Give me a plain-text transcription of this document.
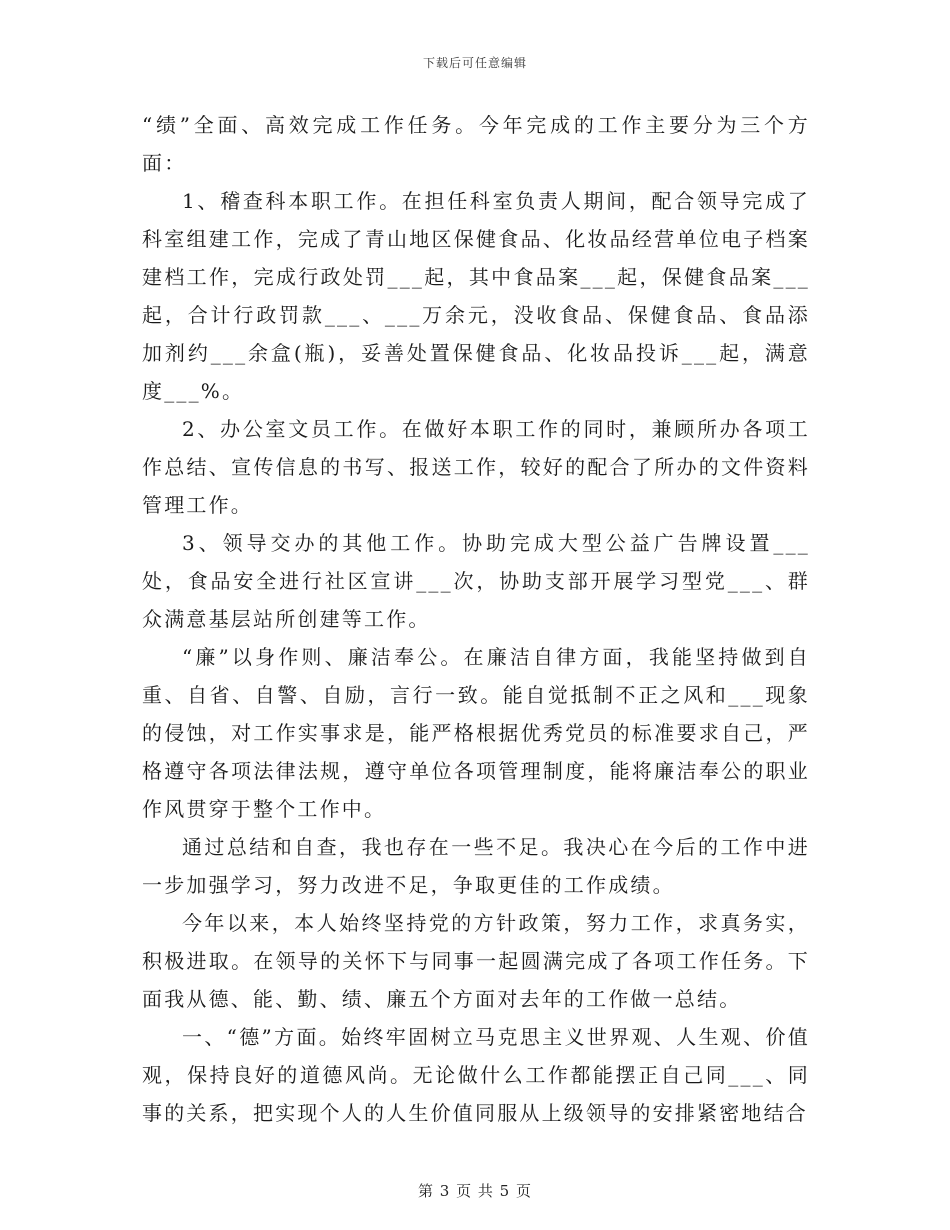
下载后可任意编辑

“绩”全面、高效完成工作任务。今年完成的工作主要分为三个方面：

1、稽查科本职工作。在担任科室负责人期间，配合领导完成了科室组建工作，完成了青山地区保健食品、化妆品经营单位电子档案建档工作，完成行政处罚___起，其中食品案___起，保健食品案___起，合计行政罚款___、___万余元，没收食品、保健食品、食品添加剂约___余盒(瓶)，妥善处置保健食品、化妆品投诉___起，满意度___%。

2、办公室文员工作。在做好本职工作的同时，兼顾所办各项工作总结、宣传信息的书写、报送工作，较好的配合了所办的文件资料管理工作。

3、领导交办的其他工作。协助完成大型公益广告牌设置___处，食品安全进行社区宣讲___次，协助支部开展学习型党___、群众满意基层站所创建等工作。

“廉”以身作则、廉洁奉公。在廉洁自律方面，我能坚持做到自重、自省、自警、自励，言行一致。能自觉抵制不正之风和___现象的侵蚀，对工作实事求是，能严格根据优秀党员的标准要求自己，严格遵守各项法律法规，遵守单位各项管理制度，能将廉洁奉公的职业作风贯穿于整个工作中。

通过总结和自查，我也存在一些不足。我决心在今后的工作中进一步加强学习，努力改进不足，争取更佳的工作成绩。

今年以来，本人始终坚持党的方针政策，努力工作，求真务实，积极进取。在领导的关怀下与同事一起圆满完成了各项工作任务。下面我从德、能、勤、绩、廉五个方面对去年的工作做一总结。

一、“德”方面。始终牢固树立马克思主义世界观、人生观、价值观，保持良好的道德风尚。无论做什么工作都能摆正自己同___、同事的关系，把实现个人的人生价值同服从上级领导的安排紧密地结合

第 3 页 共 5 页
